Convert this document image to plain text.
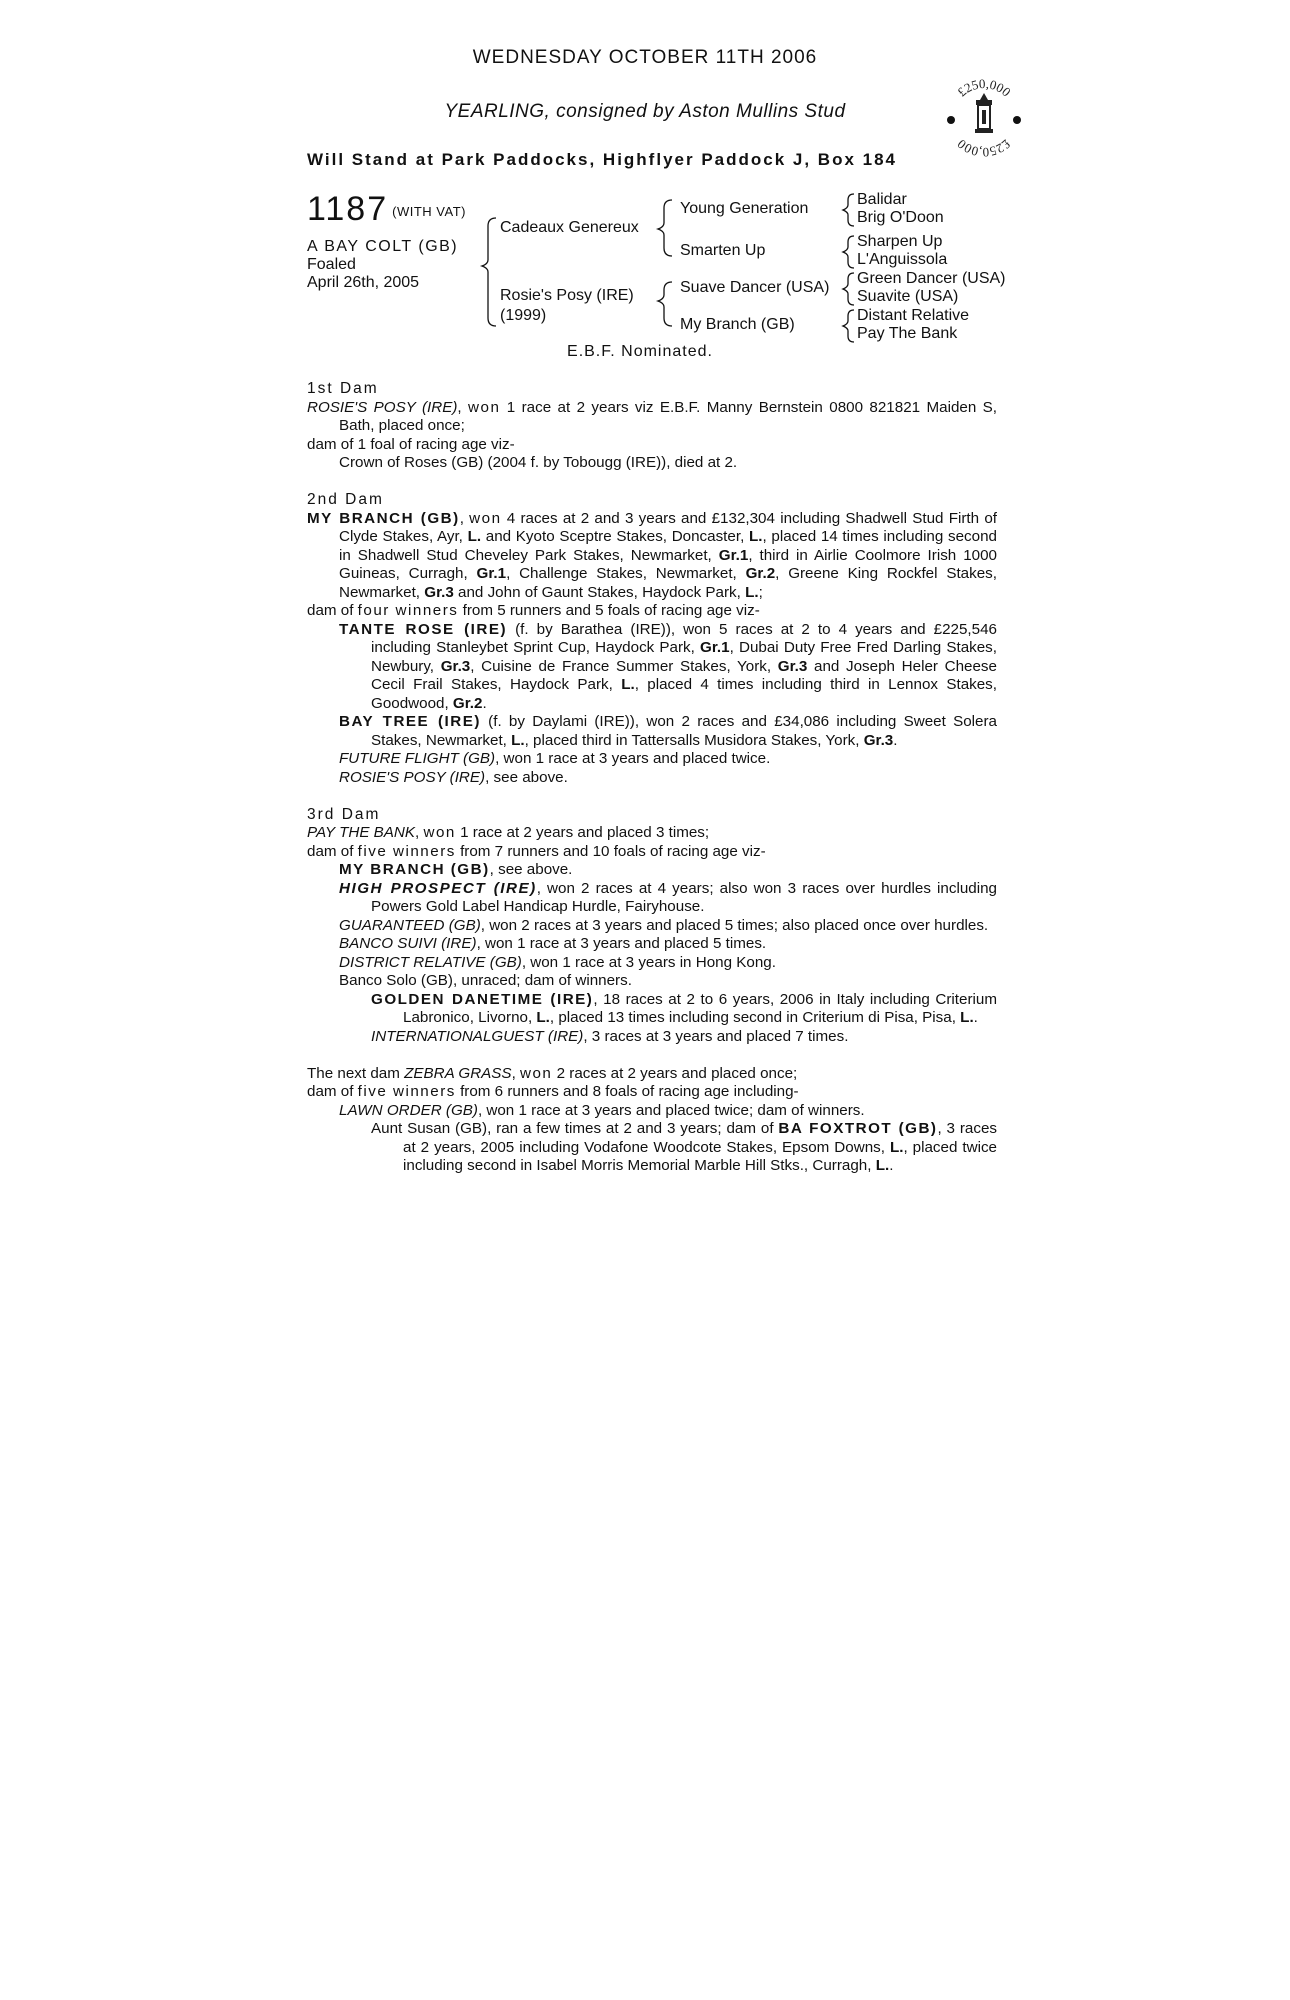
WEDNESDAY OCTOBER 11TH 2006
YEARLING, consigned by Aston Mullins Stud
Will Stand at Park Paddocks, Highflyer Paddock J, Box 184
£250,000
£250,000
1187 (WITH VAT)
A BAY COLT (GB)
Foaled
April 26th, 2005
Cadeaux Genereux
Rosie's Posy (IRE)
(1999)
Young Generation
Smarten Up
Suave Dancer (USA)
My Branch (GB)
Balidar
Brig O'Doon
Sharpen Up
L'Anguissola
Green Dancer (USA)
Suavite (USA)
Distant Relative
Pay The Bank
E.B.F. Nominated.
1st Dam
ROSIE'S POSY (IRE), won 1 race at 2 years viz E.B.F. Manny Bernstein 0800 821821 Maiden S, Bath, placed once;
dam of 1 foal of racing age viz-
Crown of Roses (GB) (2004 f. by Tobougg (IRE)), died at 2.
2nd Dam
MY BRANCH (GB), won 4 races at 2 and 3 years and £132,304 including Shadwell Stud Firth of Clyde Stakes, Ayr, L. and Kyoto Sceptre Stakes, Doncaster, L., placed 14 times including second in Shadwell Stud Cheveley Park Stakes, Newmarket, Gr.1, third in Airlie Coolmore Irish 1000 Guineas, Curragh, Gr.1, Challenge Stakes, Newmarket, Gr.2, Greene King Rockfel Stakes, Newmarket, Gr.3 and John of Gaunt Stakes, Haydock Park, L.;
dam of four winners from 5 runners and 5 foals of racing age viz-
TANTE ROSE (IRE) (f. by Barathea (IRE)), won 5 races at 2 to 4 years and £225,546 including Stanleybet Sprint Cup, Haydock Park, Gr.1, Dubai Duty Free Fred Darling Stakes, Newbury, Gr.3, Cuisine de France Summer Stakes, York, Gr.3 and Joseph Heler Cheese Cecil Frail Stakes, Haydock Park, L., placed 4 times including third in Lennox Stakes, Goodwood, Gr.2.
BAY TREE (IRE) (f. by Daylami (IRE)), won 2 races and £34,086 including Sweet Solera Stakes, Newmarket, L., placed third in Tattersalls Musidora Stakes, York, Gr.3.
FUTURE FLIGHT (GB), won 1 race at 3 years and placed twice.
ROSIE'S POSY (IRE), see above.
3rd Dam
PAY THE BANK, won 1 race at 2 years and placed 3 times;
dam of five winners from 7 runners and 10 foals of racing age viz-
MY BRANCH (GB), see above.
HIGH PROSPECT (IRE), won 2 races at 4 years; also won 3 races over hurdles including Powers Gold Label Handicap Hurdle, Fairyhouse.
GUARANTEED (GB), won 2 races at 3 years and placed 5 times; also placed once over hurdles.
BANCO SUIVI (IRE), won 1 race at 3 years and placed 5 times.
DISTRICT RELATIVE (GB), won 1 race at 3 years in Hong Kong.
Banco Solo (GB), unraced; dam of winners.
GOLDEN DANETIME (IRE), 18 races at 2 to 6 years, 2006 in Italy including Criterium Labronico, Livorno, L., placed 13 times including second in Criterium di Pisa, Pisa, L..
INTERNATIONALGUEST (IRE), 3 races at 3 years and placed 7 times.
The next dam ZEBRA GRASS, won 2 races at 2 years and placed once;
dam of five winners from 6 runners and 8 foals of racing age including-
LAWN ORDER (GB), won 1 race at 3 years and placed twice; dam of winners.
Aunt Susan (GB), ran a few times at 2 and 3 years; dam of BA FOXTROT (GB), 3 races at 2 years, 2005 including Vodafone Woodcote Stakes, Epsom Downs, L., placed twice including second in Isabel Morris Memorial Marble Hill Stks., Curragh, L..
